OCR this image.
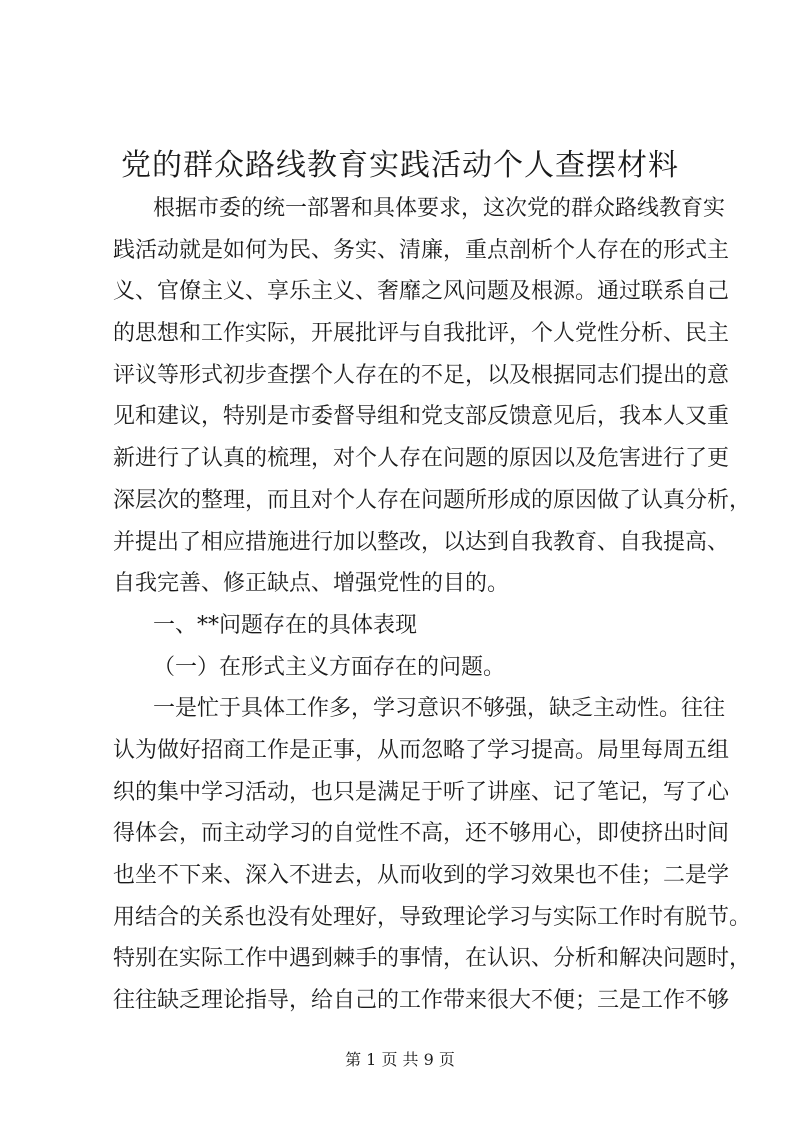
党的群众路线教育实践活动个人查摆材料
根据市委的统一部署和具体要求，这次党的群众路线教育实
践活动就是如何为民、务实、清廉，重点剖析个人存在的形式主
义、官僚主义、享乐主义、奢靡之风问题及根源。通过联系自己
的思想和工作实际，开展批评与自我批评，个人党性分析、民主
评议等形式初步查摆个人存在的不足，以及根据同志们提出的意
见和建议，特别是市委督导组和党支部反馈意见后，我本人又重
新进行了认真的梳理，对个人存在问题的原因以及危害进行了更
深层次的整理，而且对个人存在问题所形成的原因做了认真分析，
并提出了相应措施进行加以整改，以达到自我教育、自我提高、
自我完善、修正缺点、增强党性的目的。
一、**问题存在的具体表现
（一）在形式主义方面存在的问题。
一是忙于具体工作多，学习意识不够强，缺乏主动性。往往
认为做好招商工作是正事，从而忽略了学习提高。局里每周五组
织的集中学习活动，也只是满足于听了讲座、记了笔记，写了心
得体会，而主动学习的自觉性不高，还不够用心，即使挤出时间
也坐不下来、深入不进去，从而收到的学习效果也不佳；二是学
用结合的关系也没有处理好，导致理论学习与实际工作时有脱节。
特别在实际工作中遇到棘手的事情，在认识、分析和解决问题时，
往往缺乏理论指导，给自己的工作带来很大不便；三是工作不够
第 1 页 共 9 页
